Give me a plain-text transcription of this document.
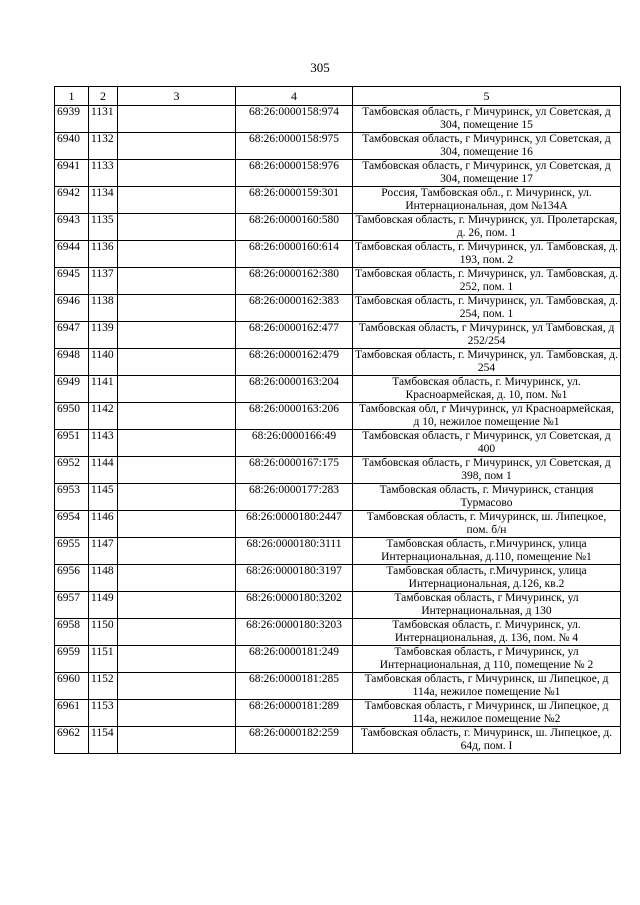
305
1	2	3	4	5
6939	1131		68:26:0000158:974	Тамбовская область, г Мичуринск, ул Советская, д 304, помещение 15
6940	1132		68:26:0000158:975	Тамбовская область, г Мичуринск, ул Советская, д 304, помещение 16
6941	1133		68:26:0000158:976	Тамбовская область, г Мичуринск, ул Советская, д 304, помещение 17
6942	1134		68:26:0000159:301	Россия, Тамбовская обл., г. Мичуринск, ул. Интернациональная, дом №134А
6943	1135		68:26:0000160:580	Тамбовская область, г. Мичуринск, ул. Пролетарская, д. 26, пом. 1
6944	1136		68:26:0000160:614	Тамбовская область, г. Мичуринск, ул. Тамбовская, д. 193, пом. 2
6945	1137		68:26:0000162:380	Тамбовская область, г. Мичуринск, ул. Тамбовская, д. 252, пом. 1
6946	1138		68:26:0000162:383	Тамбовская область, г. Мичуринск, ул. Тамбовская, д. 254, пом. 1
6947	1139		68:26:0000162:477	Тамбовская область, г Мичуринск, ул Тамбовская, д 252/254
6948	1140		68:26:0000162:479	Тамбовская область, г. Мичуринск, ул. Тамбовская, д. 254
6949	1141		68:26:0000163:204	Тамбовская область, г. Мичуринск, ул. Красноармейская, д. 10, пом. №1
6950	1142		68:26:0000163:206	Тамбовская обл, г Мичуринск, ул Красноармейская, д 10, нежилое помещение №1
6951	1143		68:26:0000166:49	Тамбовская область, г Мичуринск, ул Советская, д 400
6952	1144		68:26:0000167:175	Тамбовская область, г Мичуринск, ул Советская, д 398, пом 1
6953	1145		68:26:0000177:283	Тамбовская область, г. Мичуринск, станция Турмасово
6954	1146		68:26:0000180:2447	Тамбовская область, г. Мичуринск, ш. Липецкое, пом. б/н
6955	1147		68:26:0000180:3111	Тамбовская область, г.Мичуринск, улица Интернациональная, д.110, помещение №1
6956	1148		68:26:0000180:3197	Тамбовская область, г.Мичуринск, улица Интернациональная, д.126, кв.2
6957	1149		68:26:0000180:3202	Тамбовская область, г Мичуринск, ул Интернациональная, д 130
6958	1150		68:26:0000180:3203	Тамбовская область, г. Мичуринск, ул. Интернациональная, д. 136, пом. № 4
6959	1151		68:26:0000181:249	Тамбовская область, г Мичуринск, ул Интернациональная, д 110, помещение № 2
6960	1152		68:26:0000181:285	Тамбовская область, г Мичуринск, ш Липецкое, д 114а, нежилое помещение №1
6961	1153		68:26:0000181:289	Тамбовская область, г Мичуринск, ш Липецкое, д 114а, нежилое помещение №2
6962	1154		68:26:0000182:259	Тамбовская область, г. Мичуринск, ш. Липецкое, д. 64д, пом. I
